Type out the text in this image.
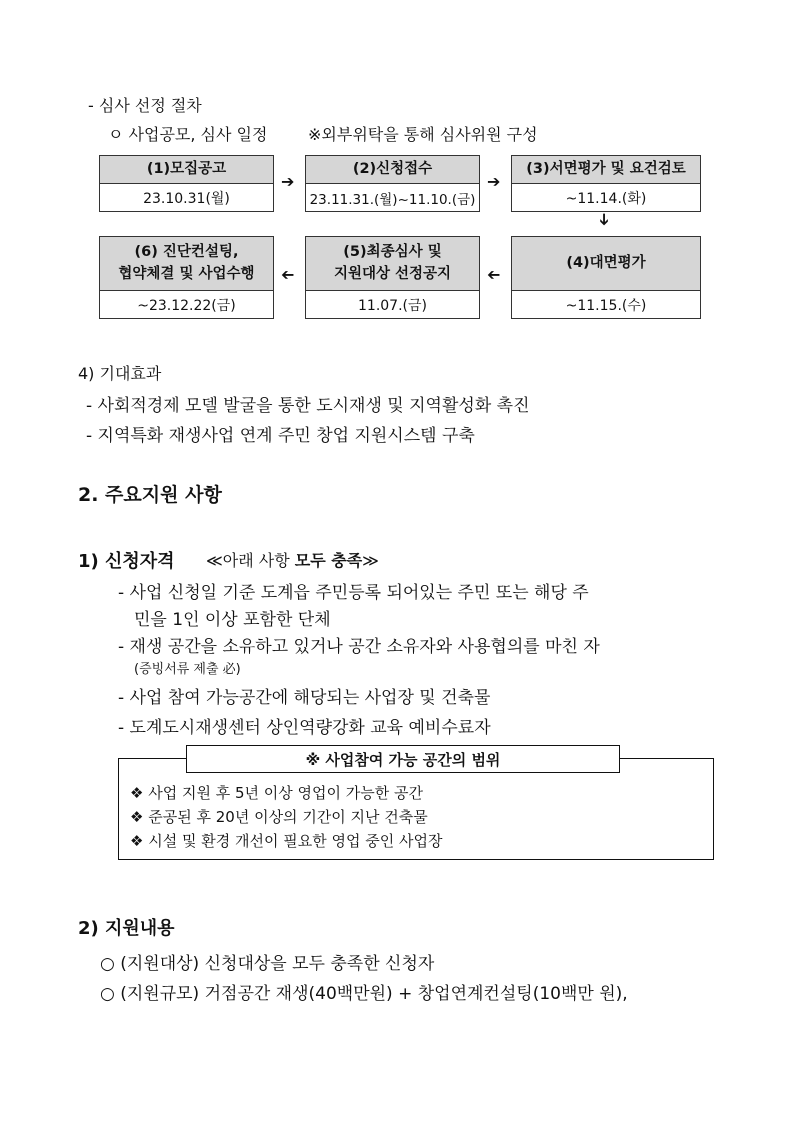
- 심사 선정 절차
ㅇ 사업공모, 심사 일정	※외부위탁을 통해 심사위원 구성
(1)모집공고
23.10.31(월)
➔
(2)신청접수
23.11.31.(월)~11.10.(금)
➔
(3)서면평가 및 요건검토
~11.14.(화)
➔
(6) 진단컨설팅,
협약체결 및 사업수행
~23.12.22(금)
➔
(5)최종심사 및
지원대상 선정공지
11.07.(금)
➔
(4)대면평가
~11.15.(수)
4) 기대효과
- 사회적경제 모델 발굴을 통한 도시재생 및 지역활성화 촉진
- 지역특화 재생사업 연계 주민 창업 지원시스템 구축
2. 주요지원 사항
1) 신청자격 ≪아래 사항 모두 충족≫
- 사업 신청일 기준 도계읍 주민등록 되어있는 주민 또는 해당 주
민을 1인 이상 포함한 단체
- 재생 공간을 소유하고 있거나 공간 소유자와 사용협의를 마친 자
(증빙서류 제출 必)
- 사업 참여 가능공간에 해당되는 사업장 및 건축물
- 도계도시재생센터 상인역량강화 교육 예비수료자
※ 사업참여 가능 공간의 범위
❖ 사업 지원 후 5년 이상 영업이 가능한 공간
❖ 준공된 후 20년 이상의 기간이 지난 건축물
❖ 시설 및 환경 개선이 필요한 영업 중인 사업장
2) 지원내용
○ (지원대상) 신청대상을 모두 충족한 신청자
○ (지원규모) 거점공간 재생(40백만원) + 창업연계컨설팅(10백만 원),
